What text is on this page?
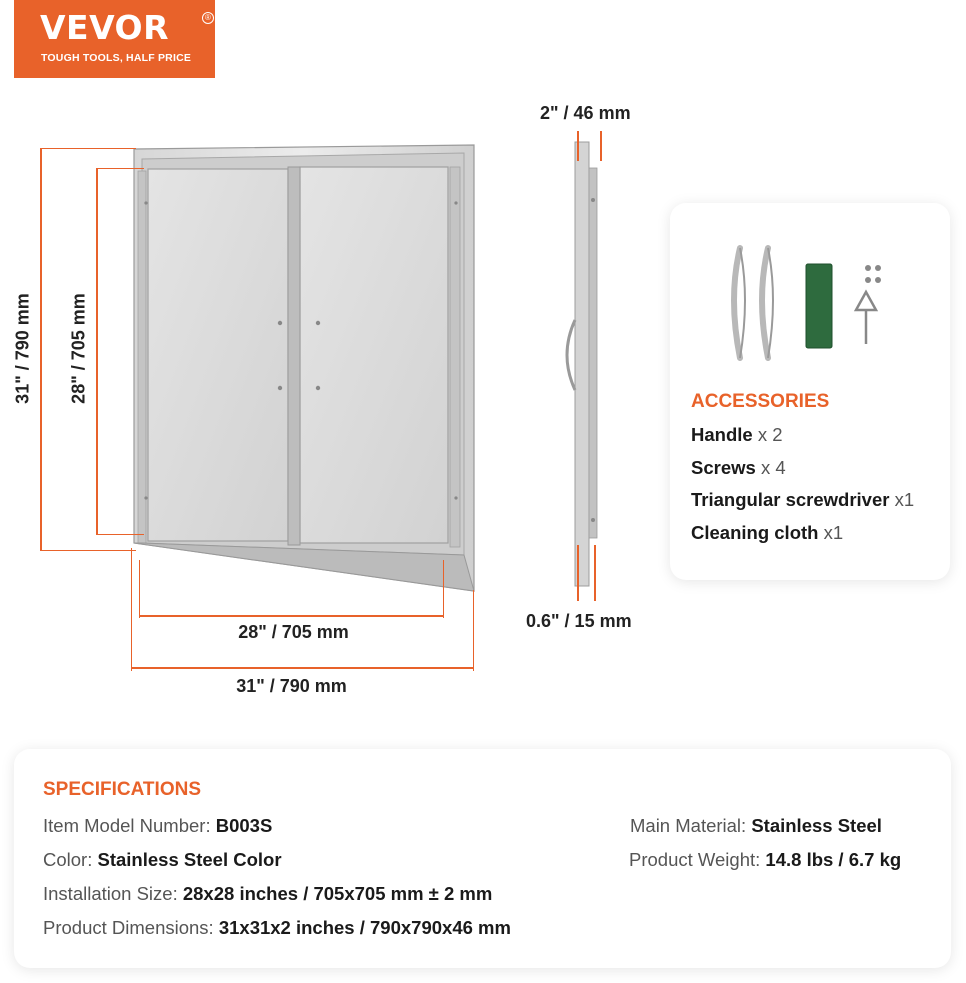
VEVOR	®
TOUGH TOOLS, HALF PRICE
31" / 790 mm 28" / 705 mm
28" / 705 mm
31" / 790 mm
2" / 46 mm
0.6" / 15 mm
ACCESSORIES
Handle x 2
Screws x 4
Triangular screwdriver x1
Cleaning cloth x1
SPECIFICATIONS
Item Model Number: B003S
Color: Stainless Steel Color
Installation Size: 28x28 inches / 705x705 mm ± 2 mm
Product Dimensions: 31x31x2 inches / 790x790x46 mm
Main Material: Stainless Steel
Product Weight: 14.8 lbs / 6.7 kg
